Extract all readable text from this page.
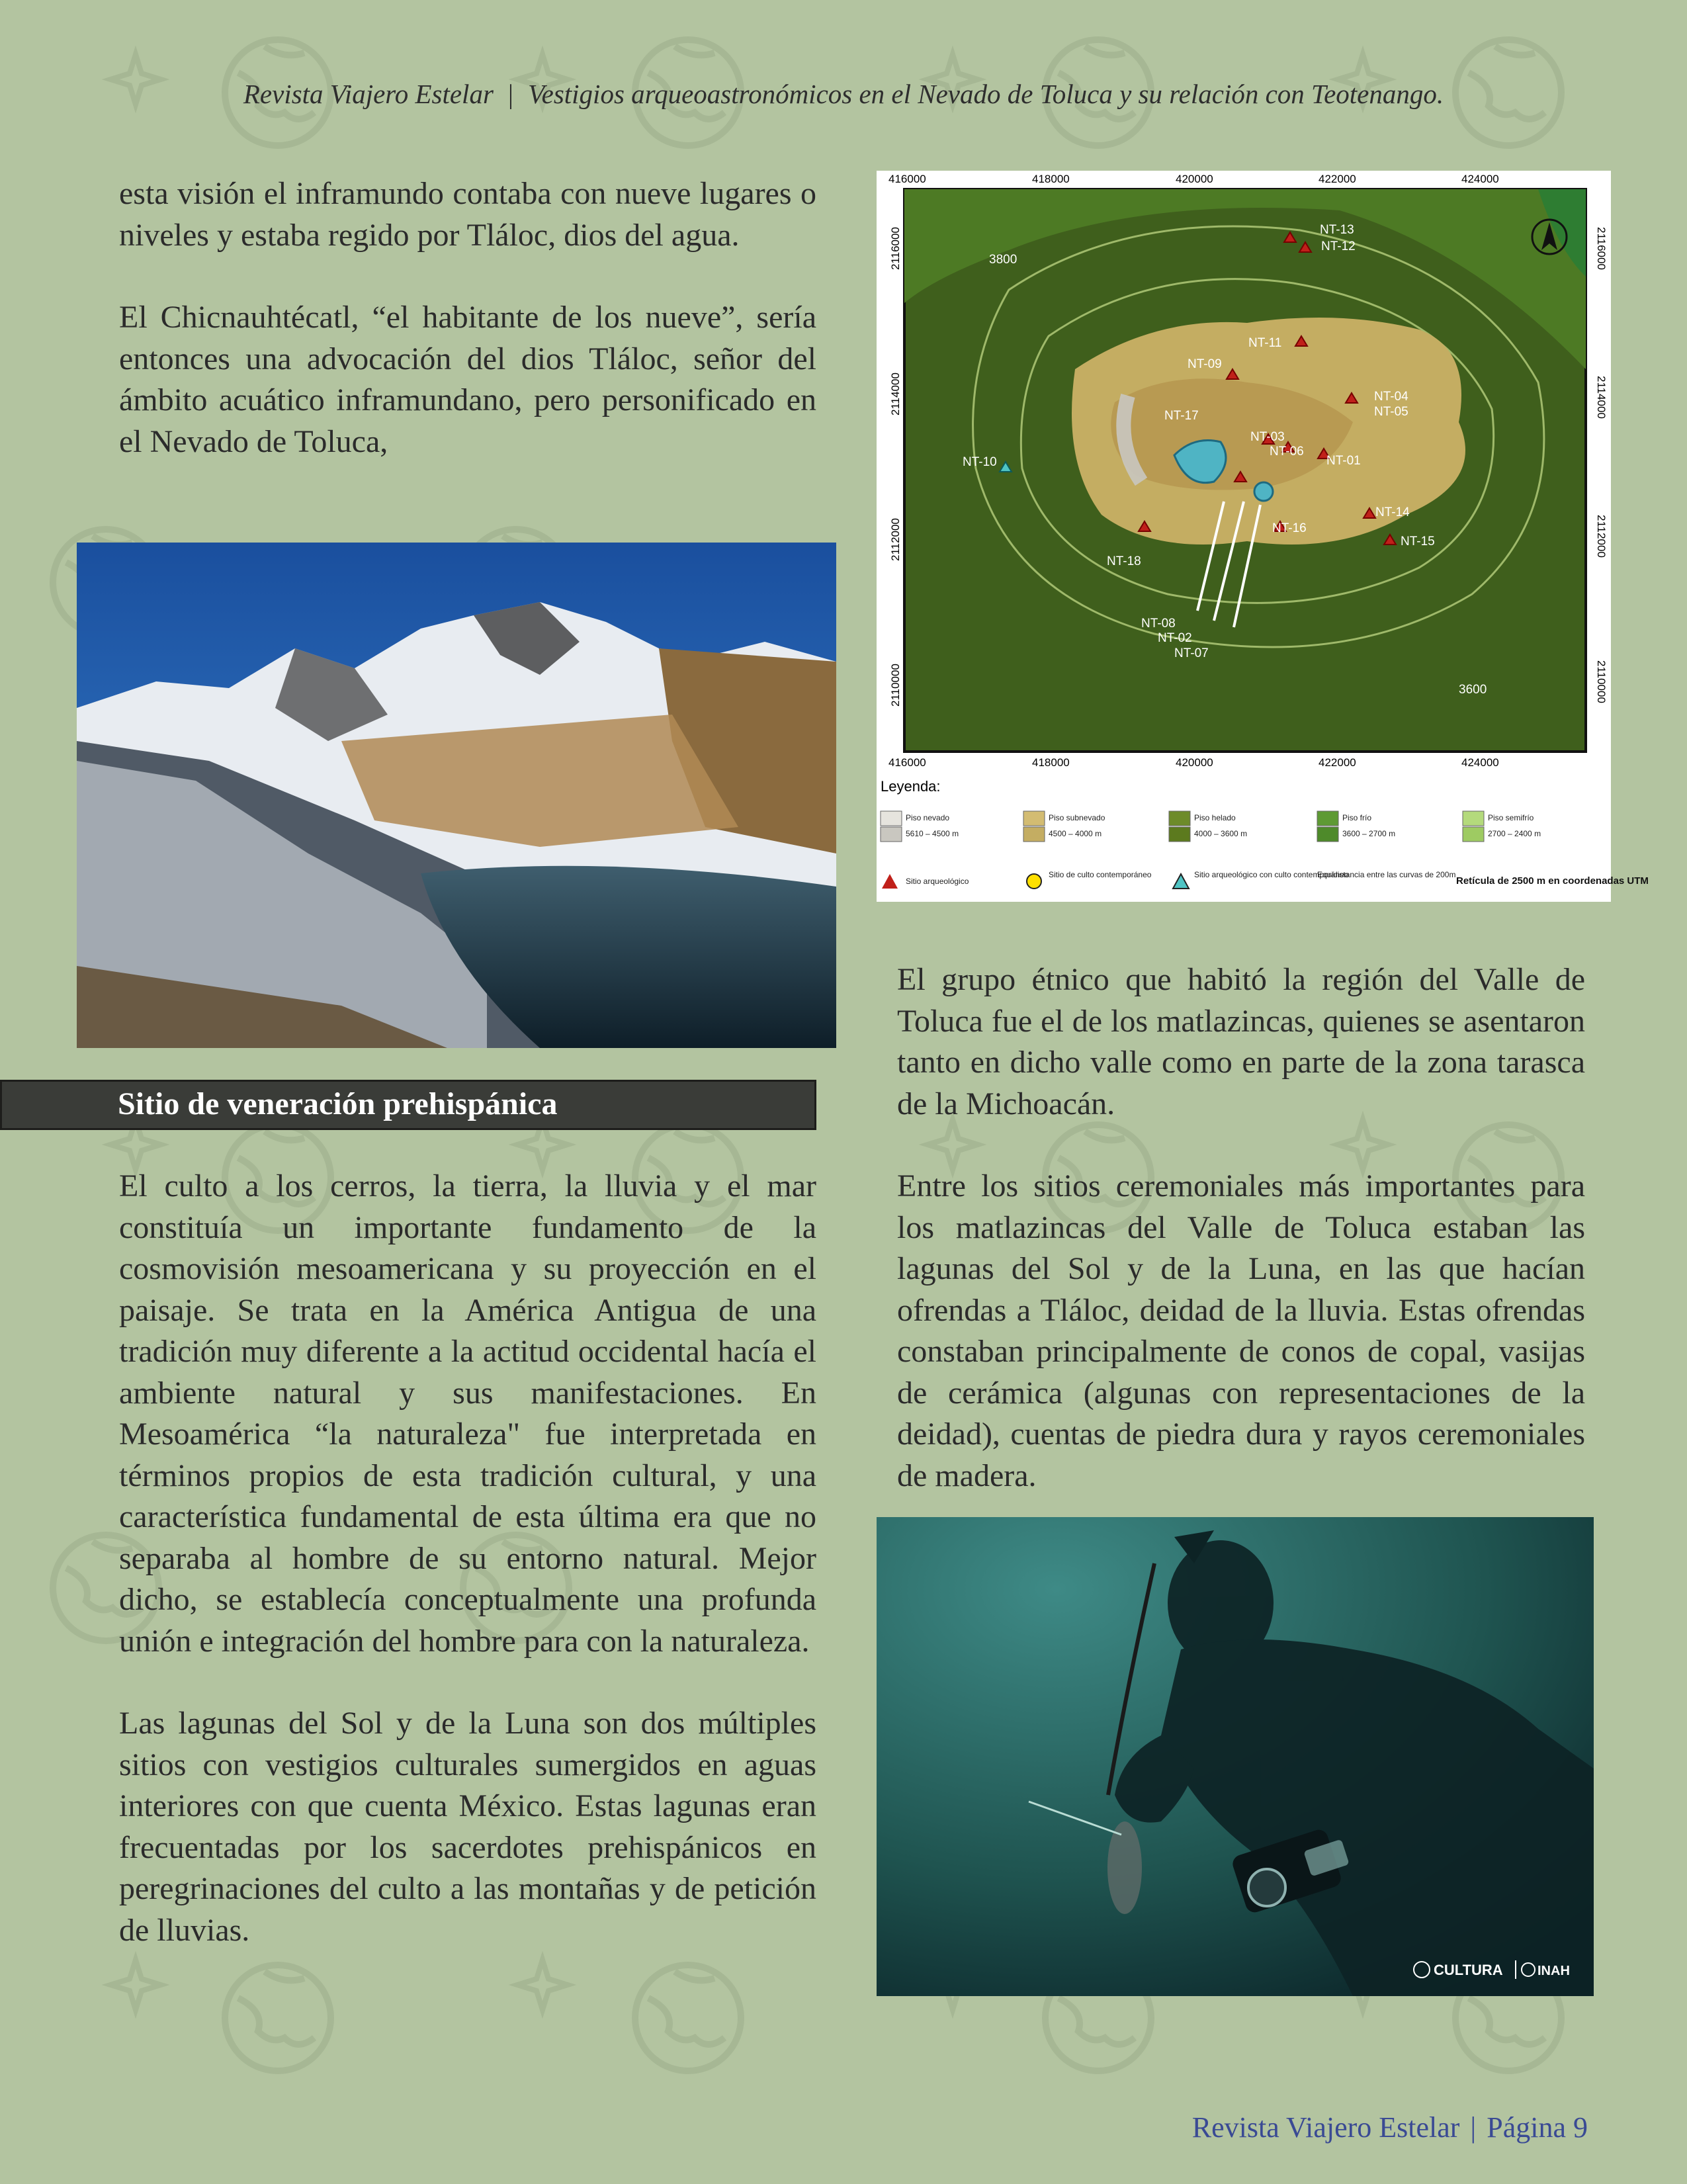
Revista Viajero Estelar | Vestigios arqueoastronómicos en el Nevado de Toluca y su relación con Teotenango.

esta visión el inframundo contaba con nueve lugares o niveles y estaba regido por Tláloc, dios del agua.

El Chicnauhtécatl, “el habitante de los nueve”, sería entonces una advocación del dios Tláloc, señor del ámbito acuático inframundano, pero personificado en el Nevado de Toluca,

Sitio de veneración prehispánica

El culto a los cerros, la tierra, la lluvia y el mar constituía un importante fundamento de la cosmovisión mesoamericana y su proyección en el paisaje. Se trata en la América Antigua de una tradición muy diferente a la actitud occidental hacía el ambiente natural y sus manifestaciones. En Mesoamérica “la naturaleza" fue interpretada en términos propios de esta tradición cultural, y una característica fundamental de esta última era que no separaba al hombre de su entorno natural. Mejor dicho, se establecía conceptualmente una profunda unión e integración del hombre para con la naturaleza.

Las lagunas del Sol y de la Luna son dos múltiples sitios con vestigios culturales sumergidos en aguas interiores con que cuenta México. Estas lagunas eran frecuentadas por los sacerdotes prehispánicos en peregrinaciones del culto a las montañas y de petición de lluvias.

416000	418000	420000	422000	424000
416000	418000	420000	422000	424000
2116000
2114000
2112000
2110000
2116000
2114000
2112000
2110000
3800
3600
NT-13
NT-12
NT-11
NT-09
NT-04
NT-05
NT-17
NT-03
NT-06
NT-01
NT-10
NT-14
NT-16
NT-15
NT-18
NT-08
NT-02
NT-07
Leyenda:
Piso nevado
5610 – 4500 m
Piso subnevado
4500 – 4000 m
Piso helado
4000 – 3600 m
Piso frío
3600 – 2700 m
Piso semifrío
2700 – 2400 m
Sitio arqueológico
Sitio de culto contemporáneo	Sitio arqueológico con culto contemporáneo
Equidistancia entre las curvas de 200m
Retícula de 2500 m en coordenadas UTM

El grupo étnico que habitó la región del Valle de Toluca fue el de los matlazincas, quienes se asentaron tanto en dicho valle como en parte de la zona tarasca de la Michoacán.

Entre los sitios ceremoniales más importantes para los matlazincas del Valle de Toluca estaban las lagunas del Sol y de la Luna, en las que hacían ofrendas a Tláloc, deidad de la lluvia. Estas ofrendas constaban principalmente de conos de copal, vasijas de cerámica (algunas con representaciones de la deidad), cuentas de piedra dura y rayos ceremoniales de madera.

CULTURA	INAH
Revista Viajero Estelar | Página 9
